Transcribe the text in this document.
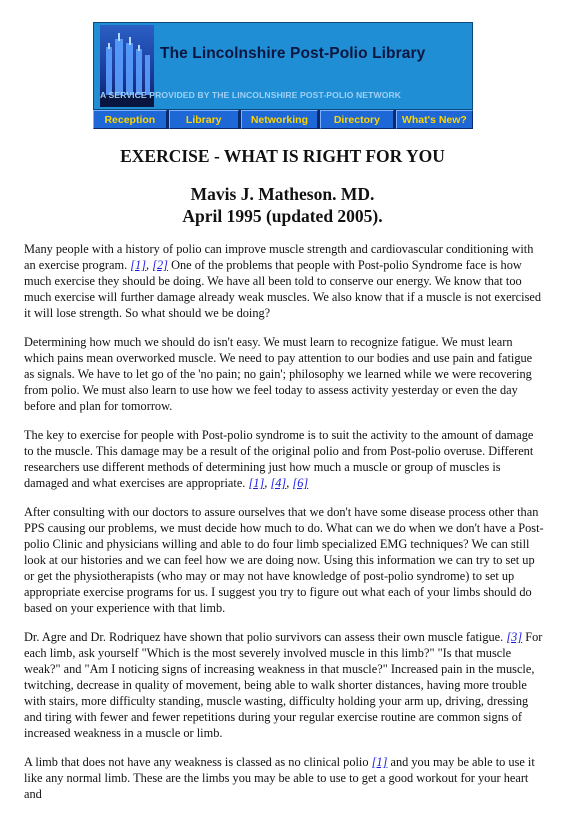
The Lincolnshire Post-Polio Library
A SERVICE PROVIDED BY THE LINCOLNSHIRE POST-POLIO NETWORK
Reception	Library	Networking	Directory	What's New?
EXERCISE - WHAT IS RIGHT FOR YOU
Mavis J. Matheson. MD.
April 1995 (updated 2005).

Many people with a history of polio can improve muscle strength and cardiovascular conditioning with an exercise program. [1], [2] One of the problems that people with Post-polio Syndrome face is how much exercise they should be doing. We have all been told to conserve our energy. We know that too much exercise will further damage already weak muscles. We also know that if a muscle is not exercised it will lose strength. So what should we be doing?

Determining how much we should do isn't easy. We must learn to recognize fatigue. We must learn which pains mean overworked muscle. We need to pay attention to our bodies and use pain and fatigue as signals. We have to let go of the 'no pain; no gain'; philosophy we learned while we were recovering from polio. We must also learn to use how we feel today to assess activity yesterday or even the day before and plan for tomorrow.

The key to exercise for people with Post-polio syndrome is to suit the activity to the amount of damage to the muscle. This damage may be a result of the original polio and from Post-polio overuse. Different researchers use different methods of determining just how much a muscle or group of muscles is damaged and what exercises are appropriate. [1], [4], [6]

After consulting with our doctors to assure ourselves that we don't have some disease process other than PPS causing our problems, we must decide how much to do. What can we do when we don't have a Post-polio Clinic and physicians willing and able to do four limb specialized EMG techniques? We can still look at our histories and we can feel how we are doing now. Using this information we can try to set up or get the physiotherapists (who may or may not have knowledge of post-polio syndrome) to set up appropriate exercise programs for us. I suggest you try to figure out what each of your limbs should do based on your experience with that limb.

Dr. Agre and Dr. Rodriquez have shown that polio survivors can assess their own muscle fatigue. [3] For each limb, ask yourself "Which is the most severely involved muscle in this limb?" "Is that muscle weak?" and "Am I noticing signs of increasing weakness in that muscle?" Increased pain in the muscle, twitching, decrease in quality of movement, being able to walk shorter distances, having more trouble with stairs, more difficulty standing, muscle wasting, difficulty holding your arm up, driving, dressing and tiring with fewer and fewer repetitions during your regular exercise routine are common signs of increased weakness in a muscle or limb.

A limb that does not have any weakness is classed as no clinical polio [1] and you may be able to use it like any normal limb. These are the limbs you may be able to use to get a good workout for your heart and
